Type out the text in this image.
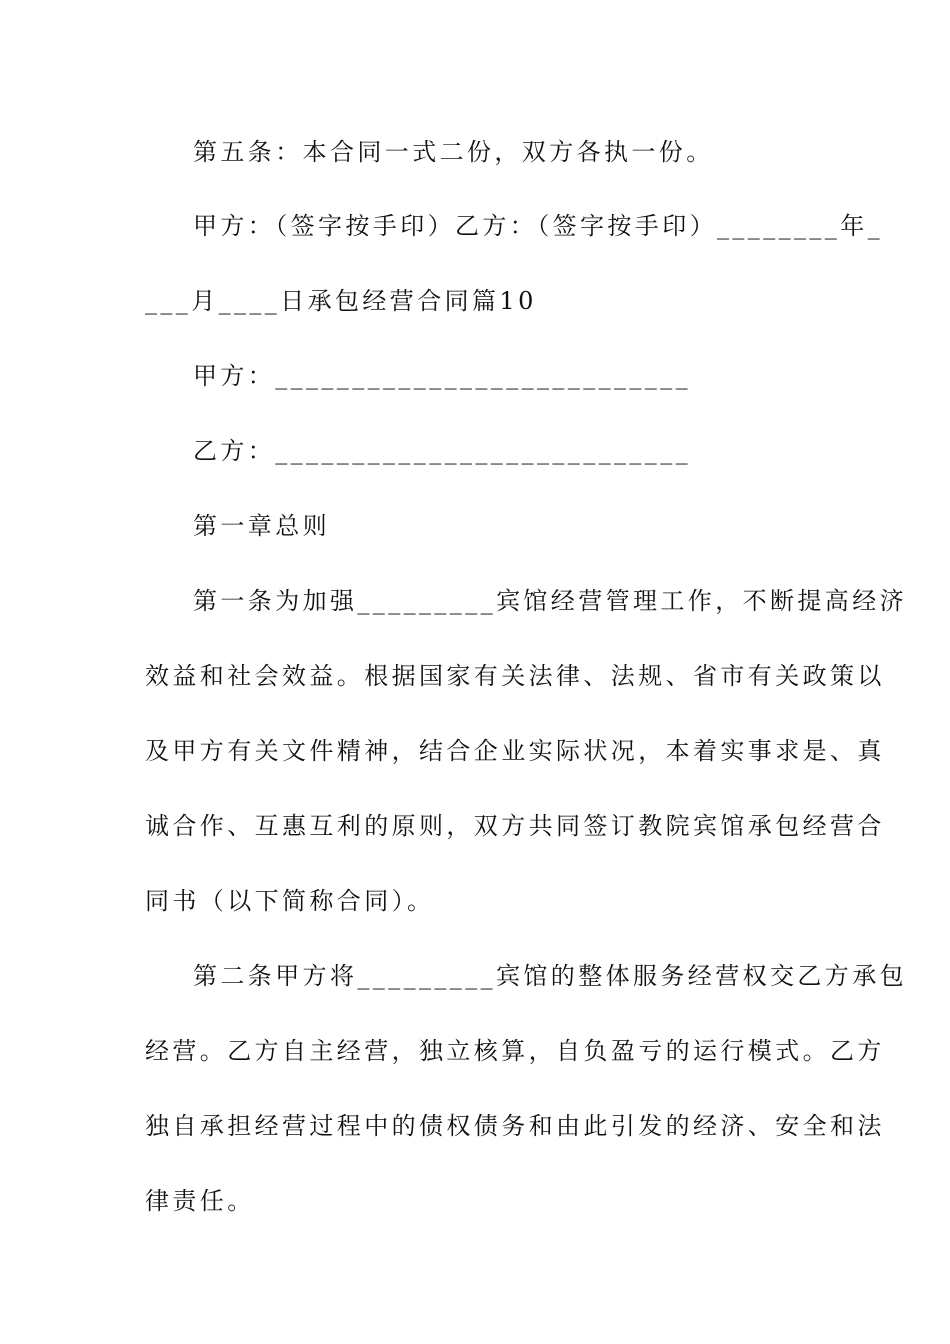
第五条：本合同一式二份，双方各执一份。
甲方：（签字按手印）乙方：（签字按手印）________年_
___月____日承包经营合同篇10
甲方：___________________________
乙方：___________________________
第一章总则
第一条为加强_________宾馆经营管理工作，不断提高经济
效益和社会效益。根据国家有关法律、法规、省市有关政策以
及甲方有关文件精神，结合企业实际状况，本着实事求是、真
诚合作、互惠互利的原则，双方共同签订教院宾馆承包经营合
同书（以下简称合同）。
第二条甲方将_________宾馆的整体服务经营权交乙方承包
经营。乙方自主经营，独立核算，自负盈亏的运行模式。乙方
独自承担经营过程中的债权债务和由此引发的经济、安全和法
律责任。
